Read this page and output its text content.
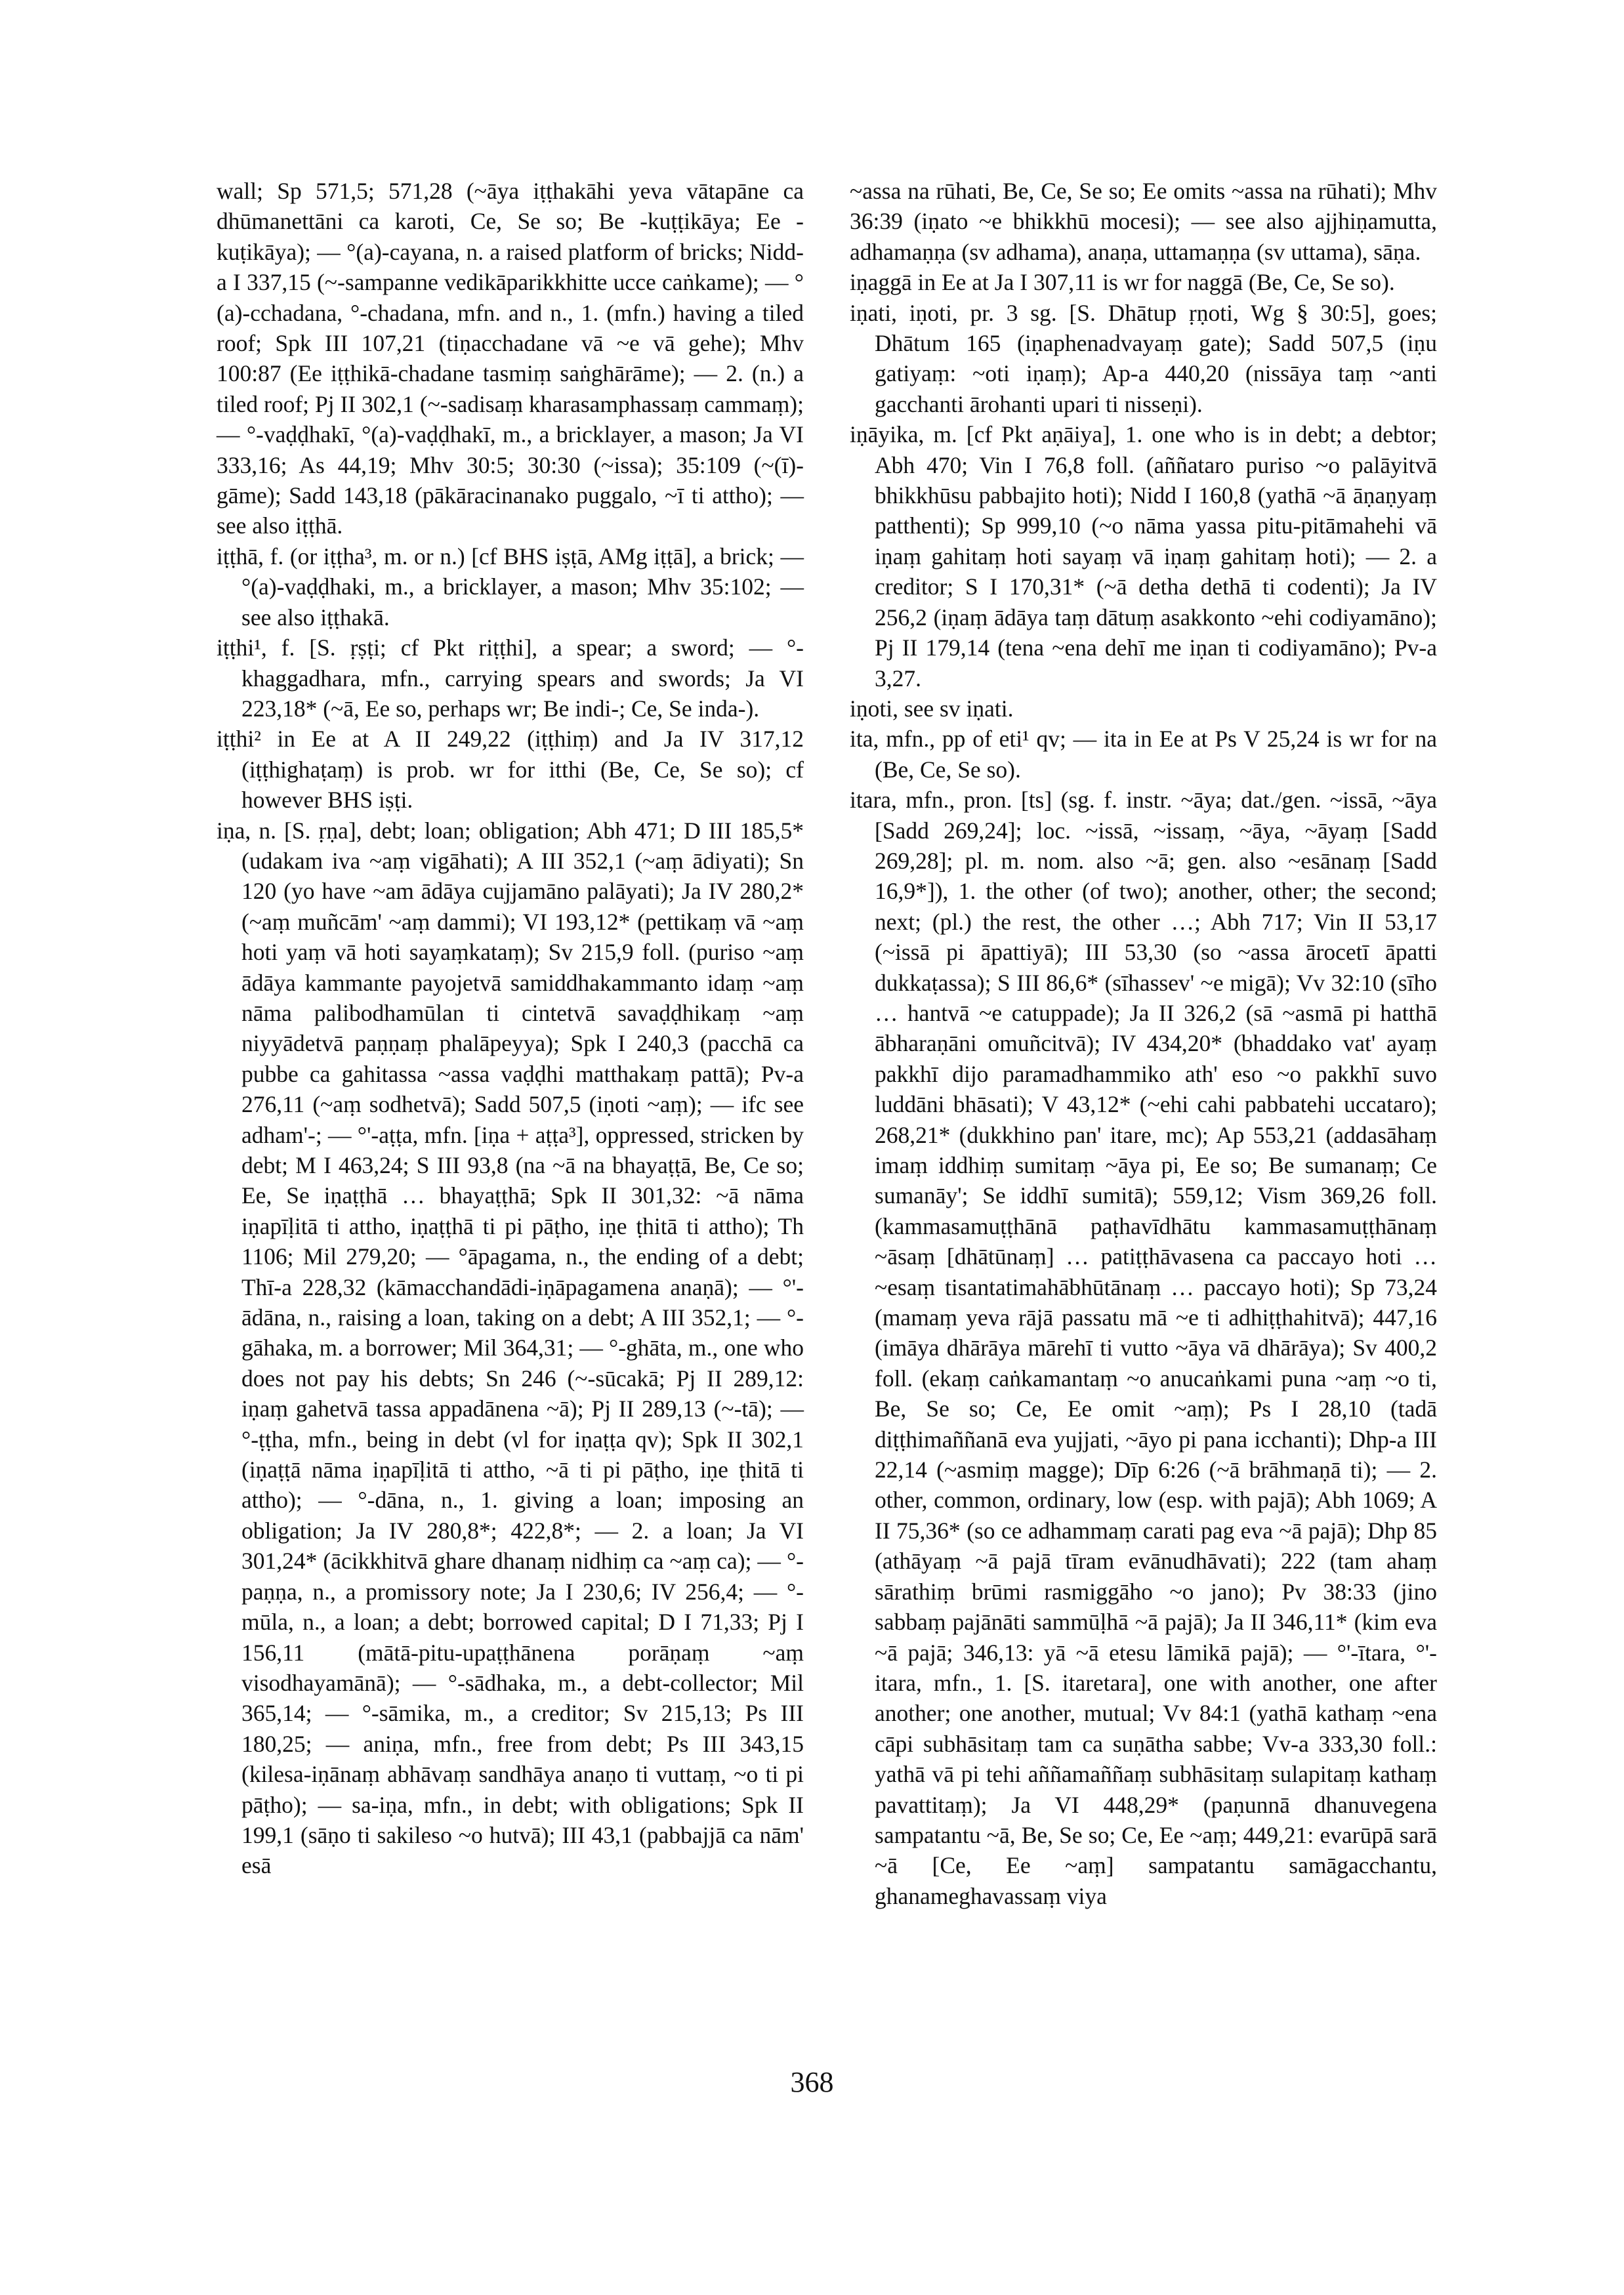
wall; Sp 571,5; 571,28 (~āya iṭṭhakāhi yeva vātapāne ca dhūmanettāni ca karoti, Ce, Se so; Be -kuṭṭikāya; Ee -kuṭikāya); — °(a)-cayana, n. a raised platform of bricks; Nidd-a I 337,15 (~-sampanne vedikāparikkhitte ucce caṅkame); — °(a)-cchadana, °-chadana, mfn. and n., 1. (mfn.) having a tiled roof; Spk III 107,21 (tiṇacchadane vā ~e vā gehe); Mhv 100:87 (Ee iṭṭhikā-chadane tasmiṃ saṅghārāme); — 2. (n.) a tiled roof; Pj II 302,1 (~-sadisaṃ kharasamphassaṃ cammaṃ); — °-vaḍḍhakī, °(a)-vaḍḍhakī, m., a bricklayer, a mason; Ja VI 333,16; As 44,19; Mhv 30:5; 30:30 (~issa); 35:109 (~(ī)-gāme); Sadd 143,18 (pākāracinanako puggalo, ~ī ti attho); — see also iṭṭhā.

iṭṭhā, f. (or iṭṭha³, m. or n.) [cf BHS iṣṭā, AMg iṭṭā], a brick; — °(a)-vaḍḍhaki, m., a bricklayer, a mason; Mhv 35:102; — see also iṭṭhakā.

iṭṭhi¹, f. [S. ṛṣṭi; cf Pkt riṭṭhi], a spear; a sword; — °-khaggadhara, mfn., carrying spears and swords; Ja VI 223,18* (~ā, Ee so, perhaps wr; Be indi-; Ce, Se inda-).

iṭṭhi² in Ee at A II 249,22 (iṭṭhiṃ) and Ja IV 317,12 (iṭṭhighaṭaṃ) is prob. wr for itthi (Be, Ce, Se so); cf however BHS iṣṭi.

iṇa, n. [S. ṛṇa], debt; loan; obligation; Abh 471; D III 185,5* (udakam iva ~aṃ vigāhati); A III 352,1 (~aṃ ādiyati); Sn 120 (yo have ~am ādāya cujjamāno palāyati); Ja IV 280,2* (~aṃ muñcām' ~aṃ dammi); VI 193,12* (pettikaṃ vā ~aṃ hoti yaṃ vā hoti sayaṃkataṃ); Sv 215,9 foll. (puriso ~aṃ ādāya kammante payojetvā samiddhakammanto idaṃ ~aṃ nāma palibodhamūlan ti cintetvā savaḍḍhikaṃ ~aṃ niyyādetvā paṇṇaṃ phalāpeyya); Spk I 240,3 (pacchā ca pubbe ca gahitassa ~assa vaḍḍhi matthakaṃ pattā); Pv-a 276,11 (~aṃ sodhetvā); Sadd 507,5 (iṇoti ~aṃ); — ifc see adham'-; — °'-aṭṭa, mfn. [iṇa + aṭṭa³], oppressed, stricken by debt; M I 463,24; S III 93,8 (na ~ā na bhayaṭṭā, Be, Ce so; Ee, Se iṇaṭṭhā … bhayaṭṭhā; Spk II 301,32: ~ā nāma iṇapīḷitā ti attho, iṇaṭṭhā ti pi pāṭho, iṇe ṭhitā ti attho); Th 1106; Mil 279,20; — °āpagama, n., the ending of a debt; Thī-a 228,32 (kāmacchandādi-iṇāpagamena anaṇā); — °'-ādāna, n., raising a loan, taking on a debt; A III 352,1; — °-gāhaka, m. a borrower; Mil 364,31; — °-ghāta, m., one who does not pay his debts; Sn 246 (~-sūcakā; Pj II 289,12: iṇaṃ gahetvā tassa appadānena ~ā); Pj II 289,13 (~-tā); — °-ṭṭha, mfn., being in debt (vl for iṇaṭṭa qv); Spk II 302,1 (iṇaṭṭā nāma iṇapīḷitā ti attho, ~ā ti pi pāṭho, iṇe ṭhitā ti attho); — °-dāna, n., 1. giving a loan; imposing an obligation; Ja IV 280,8*; 422,8*; — 2. a loan; Ja VI 301,24* (ācikkhitvā ghare dhanaṃ nidhiṃ ca ~aṃ ca); — °-paṇṇa, n., a promissory note; Ja I 230,6; IV 256,4; — °-mūla, n., a loan; a debt; borrowed capital; D I 71,33; Pj I 156,11 (mātā-pitu-upaṭṭhānena porāṇaṃ ~aṃ visodhayamānā); — °-sādhaka, m., a debt-collector; Mil 365,14; — °-sāmika, m., a creditor; Sv 215,13; Ps III 180,25; — aniṇa, mfn., free from debt; Ps III 343,15 (kilesa-iṇānaṃ abhāvaṃ sandhāya anaṇo ti vuttaṃ, ~o ti pi pāṭho); — sa-iṇa, mfn., in debt; with obligations; Spk II 199,1 (sāṇo ti sakileso ~o hutvā); III 43,1 (pabbajjā ca nām' esā

~assa na rūhati, Be, Ce, Se so; Ee omits ~assa na rūhati); Mhv 36:39 (iṇato ~e bhikkhū mocesi); — see also ajjhiṇamutta, adhamaṇṇa (sv adhama), anaṇa, uttamaṇṇa (sv uttama), sāṇa.

iṇaggā in Ee at Ja I 307,11 is wr for naggā (Be, Ce, Se so).

iṇati, iṇoti, pr. 3 sg. [S. Dhātup ṛṇoti, Wg § 30:5], goes; Dhātum 165 (iṇaphenadvayaṃ gate); Sadd 507,5 (iṇu gatiyaṃ: ~oti iṇaṃ); Ap-a 440,20 (nissāya taṃ ~anti gacchanti ārohanti upari ti nisseṇi).

iṇāyika, m. [cf Pkt aṇāiya], 1. one who is in debt; a debtor; Abh 470; Vin I 76,8 foll. (aññataro puriso ~o palāyitvā bhikkhūsu pabbajito hoti); Nidd I 160,8 (yathā ~ā āṇaṇyaṃ patthenti); Sp 999,10 (~o nāma yassa pitu-pitāmahehi vā iṇaṃ gahitaṃ hoti sayaṃ vā iṇaṃ gahitaṃ hoti); — 2. a creditor; S I 170,31* (~ā detha dethā ti codenti); Ja IV 256,2 (iṇaṃ ādāya taṃ dātuṃ asakkonto ~ehi codiyamāno); Pj II 179,14 (tena ~ena dehī me iṇan ti codiyamāno); Pv-a 3,27.

iṇoti, see sv iṇati.

ita, mfn., pp of eti¹ qv; — ita in Ee at Ps V 25,24 is wr for na (Be, Ce, Se so).

itara, mfn., pron. [ts] (sg. f. instr. ~āya; dat./gen. ~issā, ~āya [Sadd 269,24]; loc. ~issā, ~issaṃ, ~āya, ~āyaṃ [Sadd 269,28]; pl. m. nom. also ~ā; gen. also ~esānaṃ [Sadd 16,9*]), 1. the other (of two); another, other; the second; next; (pl.) the rest, the other …; Abh 717; Vin II 53,17 (~issā pi āpattiyā); III 53,30 (so ~assa ārocetī āpatti dukkaṭassa); S III 86,6* (sīhassev' ~e migā); Vv 32:10 (sīho … hantvā ~e catuppade); Ja II 326,2 (sā ~asmā pi hatthā ābharaṇāni omuñcitvā); IV 434,20* (bhaddako vat' ayaṃ pakkhī dijo paramadhammiko ath' eso ~o pakkhī suvo luddāni bhāsati); V 43,12* (~ehi cahi pabbatehi uccataro); 268,21* (dukkhino pan' itare, mc); Ap 553,21 (addasāhaṃ imaṃ iddhiṃ sumitaṃ ~āya pi, Ee so; Be sumanaṃ; Ce sumanāy'; Se iddhī sumitā); 559,12; Vism 369,26 foll. (kammasamuṭṭhānā paṭhavīdhātu kammasamuṭṭhānaṃ ~āsaṃ [dhātūnaṃ] … patiṭṭhāvasena ca paccayo hoti … ~esaṃ tisantatimahābhūtānaṃ … paccayo hoti); Sp 73,24 (mamaṃ yeva rājā passatu mā ~e ti adhiṭṭhahitvā); 447,16 (imāya dhārāya mārehī ti vutto ~āya vā dhārāya); Sv 400,2 foll. (ekaṃ caṅkamantaṃ ~o anucaṅkami puna ~aṃ ~o ti, Be, Se so; Ce, Ee omit ~aṃ); Ps I 28,10 (tadā diṭṭhimaññanā eva yujjati, ~āyo pi pana icchanti); Dhp-a III 22,14 (~asmiṃ magge); Dīp 6:26 (~ā brāhmaṇā ti); — 2. other, common, ordinary, low (esp. with pajā); Abh 1069; A II 75,36* (so ce adhammaṃ carati pag eva ~ā pajā); Dhp 85 (athāyaṃ ~ā pajā tīram evānudhāvati); 222 (tam ahaṃ sārathiṃ brūmi rasmiggāho ~o jano); Pv 38:33 (jino sabbaṃ pajānāti sammūḷhā ~ā pajā); Ja II 346,11* (kim eva ~ā pajā; 346,13: yā ~ā etesu lāmikā pajā); — °'-ītara, °'-itara, mfn., 1. [S. itaretara], one with another, one after another; one another, mutual; Vv 84:1 (yathā kathaṃ ~ena cāpi subhāsitaṃ tam ca suṇātha sabbe; Vv-a 333,30 foll.: yathā vā pi tehi aññamaññaṃ subhāsitaṃ sulapitaṃ kathaṃ pavattitaṃ); Ja VI 448,29* (paṇunnā dhanuvegena sampatantu ~ā, Be, Se so; Ce, Ee ~aṃ; 449,21: evarūpā sarā ~ā [Ce, Ee ~aṃ] sampatantu samāgacchantu, ghanameghavassaṃ viya

368
